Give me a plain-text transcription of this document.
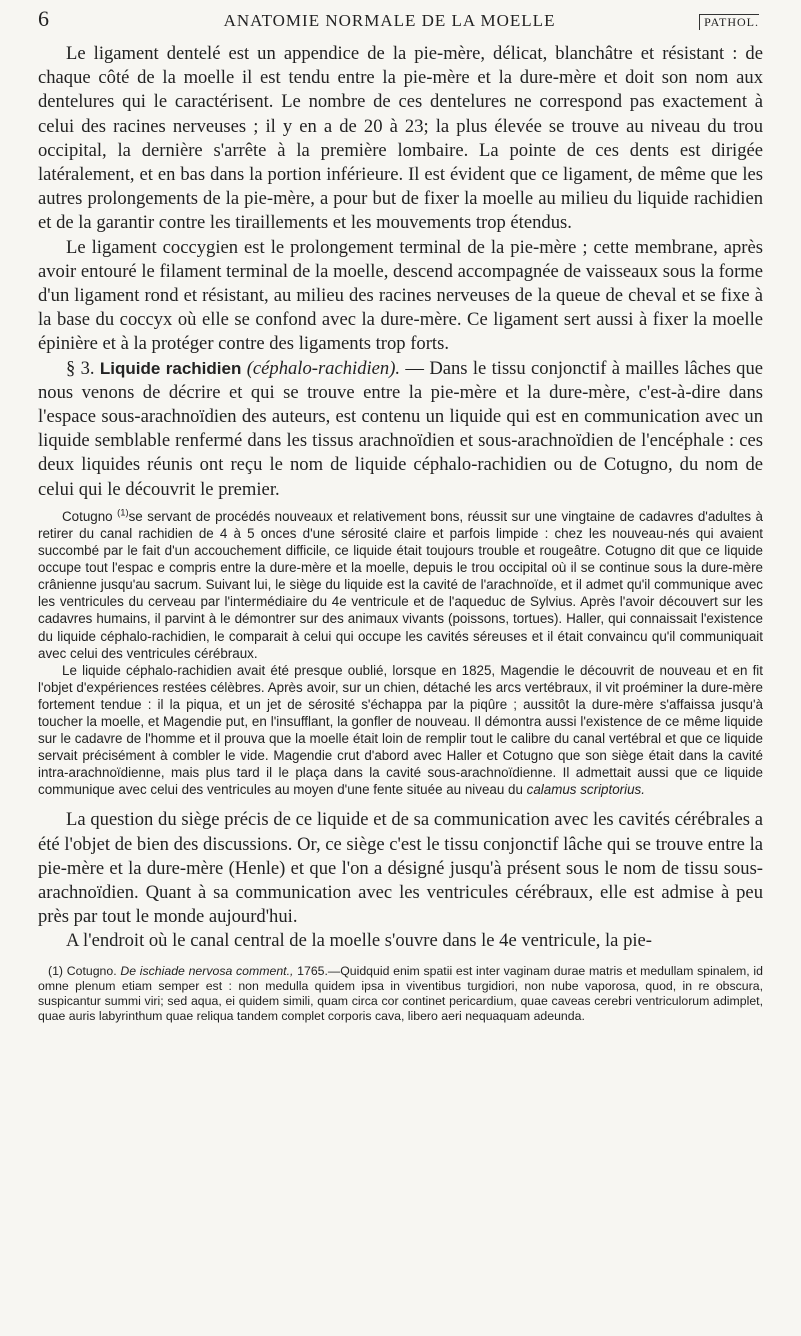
6	ANATOMIE NORMALE DE LA MOELLE	PATHOL.

Le ligament dentelé est un appendice de la pie-mère, délicat, blanchâtre et résistant : de chaque côté de la moelle il est tendu entre la pie-mère et la dure-mère et doit son nom aux dentelures qui le caractérisent. Le nombre de ces dentelures ne correspond pas exactement à celui des racines nerveuses ; il y en a de 20 à 23; la plus élevée se trouve au niveau du trou occipital, la dernière s'arrête à la première lombaire. La pointe de ces dents est dirigée latéralement, et en bas dans la portion inférieure. Il est évident que ce ligament, de même que les autres prolongements de la pie-mère, a pour but de fixer la moelle au milieu du liquide rachidien et de la garantir contre les tiraillements et les mouvements trop étendus.

Le ligament coccygien est le prolongement terminal de la pie-mère ; cette membrane, après avoir entouré le filament terminal de la moelle, descend accompagnée de vaisseaux sous la forme d'un ligament rond et résistant, au milieu des racines nerveuses de la queue de cheval et se fixe à la base du coccyx où elle se confond avec la dure-mère. Ce ligament sert aussi à fixer la moelle épinière et à la protéger contre des ligaments trop forts.

§ 3. Liquide rachidien (céphalo-rachidien). — Dans le tissu conjonctif à mailles lâches que nous venons de décrire et qui se trouve entre la pie-mère et la dure-mère, c'est-à-dire dans l'espace sous-arachnoïdien des auteurs, est contenu un liquide qui est en communication avec un liquide semblable renfermé dans les tissus arachnoïdien et sous-arachnoïdien de l'encéphale : ces deux liquides réunis ont reçu le nom de liquide céphalo-rachidien ou de Cotugno, du nom de celui qui le découvrit le premier.

Cotugno $^{(1)}$se servant de procédés nouveaux et relativement bons, réussit sur une vingtaine de cadavres d'adultes à retirer du canal rachidien de 4 à 5 onces d'une sérosité claire et parfois limpide : chez les nouveau-nés qui avaient succombé par le fait d'un accouchement difficile, ce liquide était toujours trouble et rougeâtre. Cotugno dit que ce liquide occupe tout l'espac e compris entre la dure-mère et la moelle, depuis le trou occipital où il se continue sous la dure-mère crânienne jusqu'au sacrum. Suivant lui, le siège du liquide est la cavité de l'arachnoïde, et il admet qu'il communique avec les ventricules du cerveau par l'intermédiaire du 4e ventricule et de l'aqueduc de Sylvius. Après l'avoir découvert sur les cadavres humains, il parvint à le démontrer sur des animaux vivants (poissons, tortues). Haller, qui connaissait l'existence du liquide céphalo-rachidien, le comparait à celui qui occupe les cavités séreuses et il était convaincu qu'il communiquait avec celui des ventricules cérébraux.

Le liquide céphalo-rachidien avait été presque oublié, lorsque en 1825, Magendie le découvrit de nouveau et en fit l'objet d'expériences restées célèbres. Après avoir, sur un chien, détaché les arcs vertébraux, il vit proéminer la dure-mère fortement tendue : il la piqua, et un jet de sérosité s'échappa par la piqûre ; aussitôt la dure-mère s'affaissa jusqu'à toucher la moelle, et Magendie put, en l'insufflant, la gonfler de nouveau. Il démontra aussi l'existence de ce même liquide sur le cadavre de l'homme et il prouva que la moelle était loin de remplir tout le calibre du canal vertébral et que ce liquide servait précisément à combler le vide. Magendie crut d'abord avec Haller et Cotugno que son siège était dans la cavité intra-arachnoïdienne, mais plus tard il le plaça dans la cavité sous-arachnoïdienne. Il admettait aussi que ce liquide communique avec celui des ventricules au moyen d'une fente située au niveau du calamus scriptorius.

La question du siège précis de ce liquide et de sa communication avec les cavités cérébrales a été l'objet de bien des discussions. Or, ce siège c'est le tissu conjonctif lâche qui se trouve entre la pie-mère et la dure-mère (Henle) et que l'on a désigné jusqu'à présent sous le nom de tissu sous-arachnoïdien. Quant à sa communication avec les ventricules cérébraux, elle est admise à peu près par tout le monde aujourd'hui.

A l'endroit où le canal central de la moelle s'ouvre dans le 4e ventricule, la pie-

(1) Cotugno. De ischiade nervosa comment., 1765.—Quidquid enim spatii est inter vaginam durae matris et medullam spinalem, id omne plenum etiam semper est : non medulla quidem ipsa in viventibus turgidiori, non nube vaporosa, quod, in re obscura, suspicantur summi viri; sed aqua, ei quidem simili, quam circa cor continet pericardium, quae caveas cerebri ventriculorum adimplet, quae auris labyrinthum quae reliqua tandem complet corporis cava, libero aeri nequaquam adeunda.
